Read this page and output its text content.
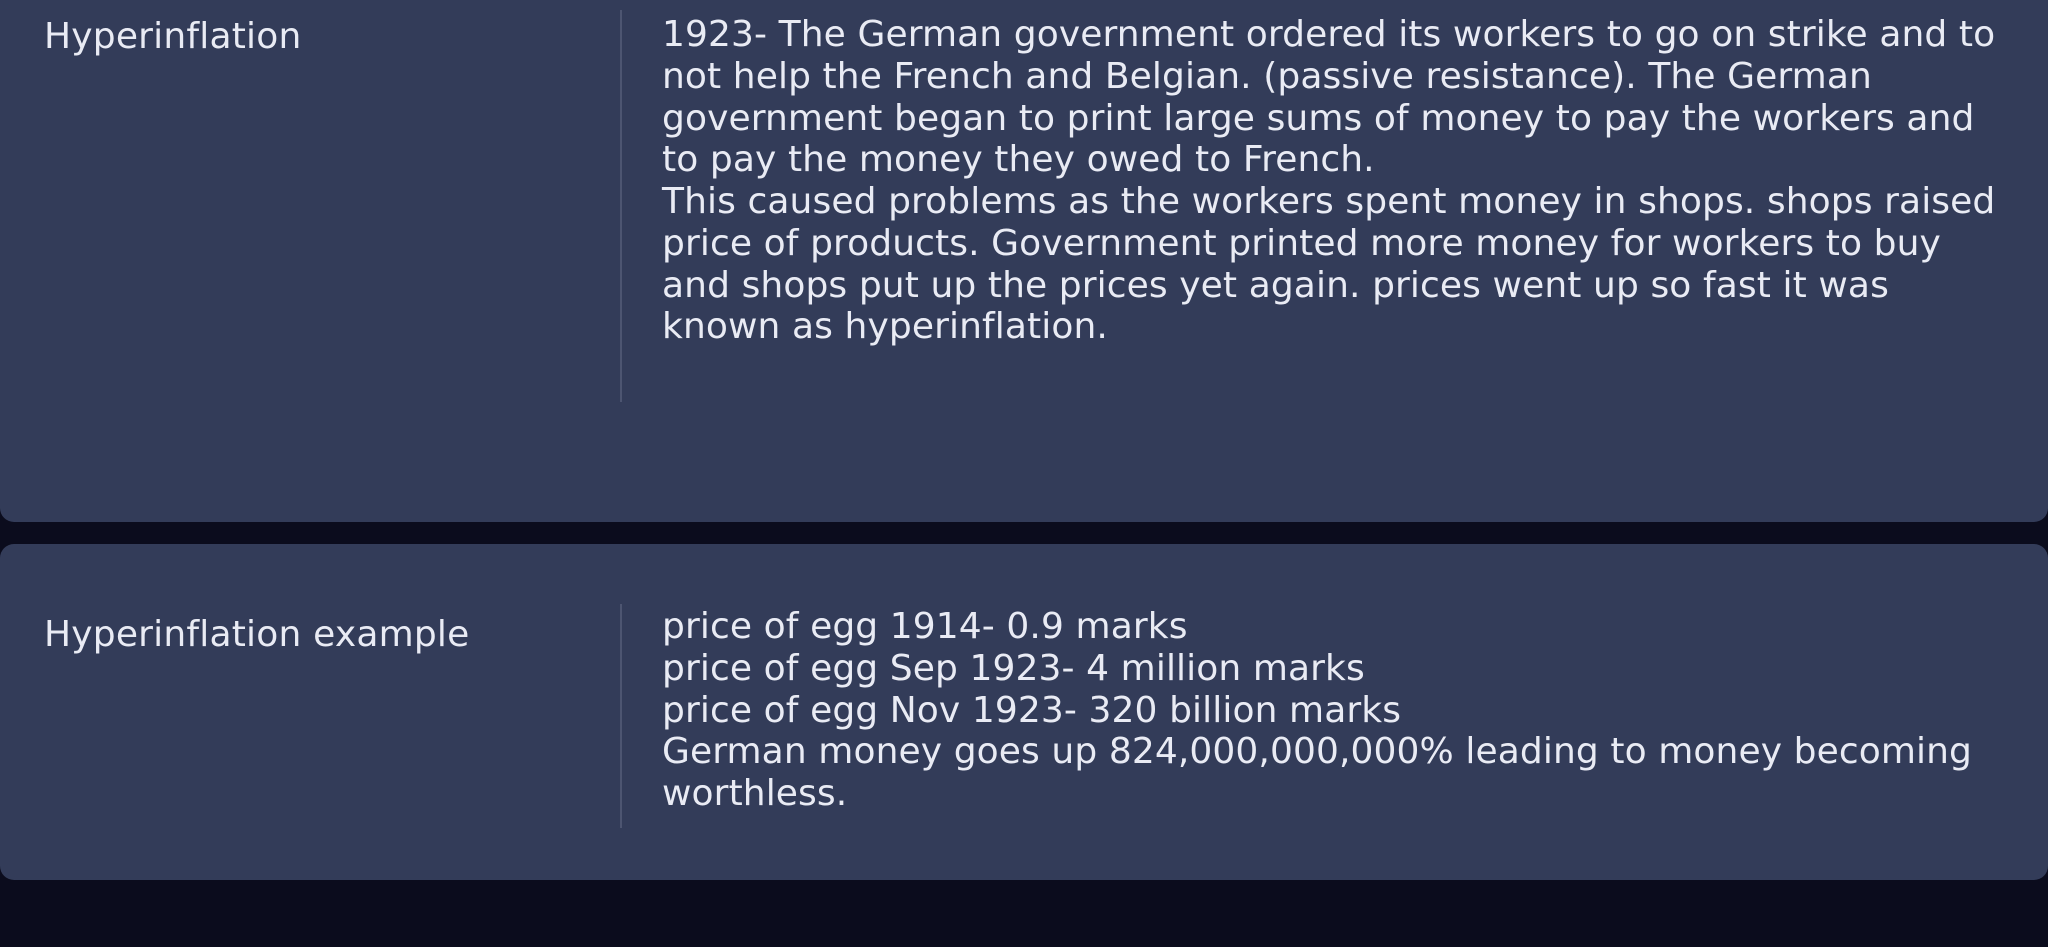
Hyperinflation	1923- The German government ordered its workers to go on strike and to not help the French and Belgian. (passive resistance). The German government began to print large sums of money to pay the workers and to pay the money they owed to French.

This caused problems as the workers spent money in shops. shops raised price of products. Government printed more money for workers to buy and shops put up the prices yet again. prices went up so fast it was known as hyperinflation.

Hyperinflation example	price of egg 1914- 0.9 marks

price of egg Sep 1923- 4 million marks

price of egg Nov 1923- 320 billion marks

German money goes up 824,000,000,000% leading to money becoming worthless.
